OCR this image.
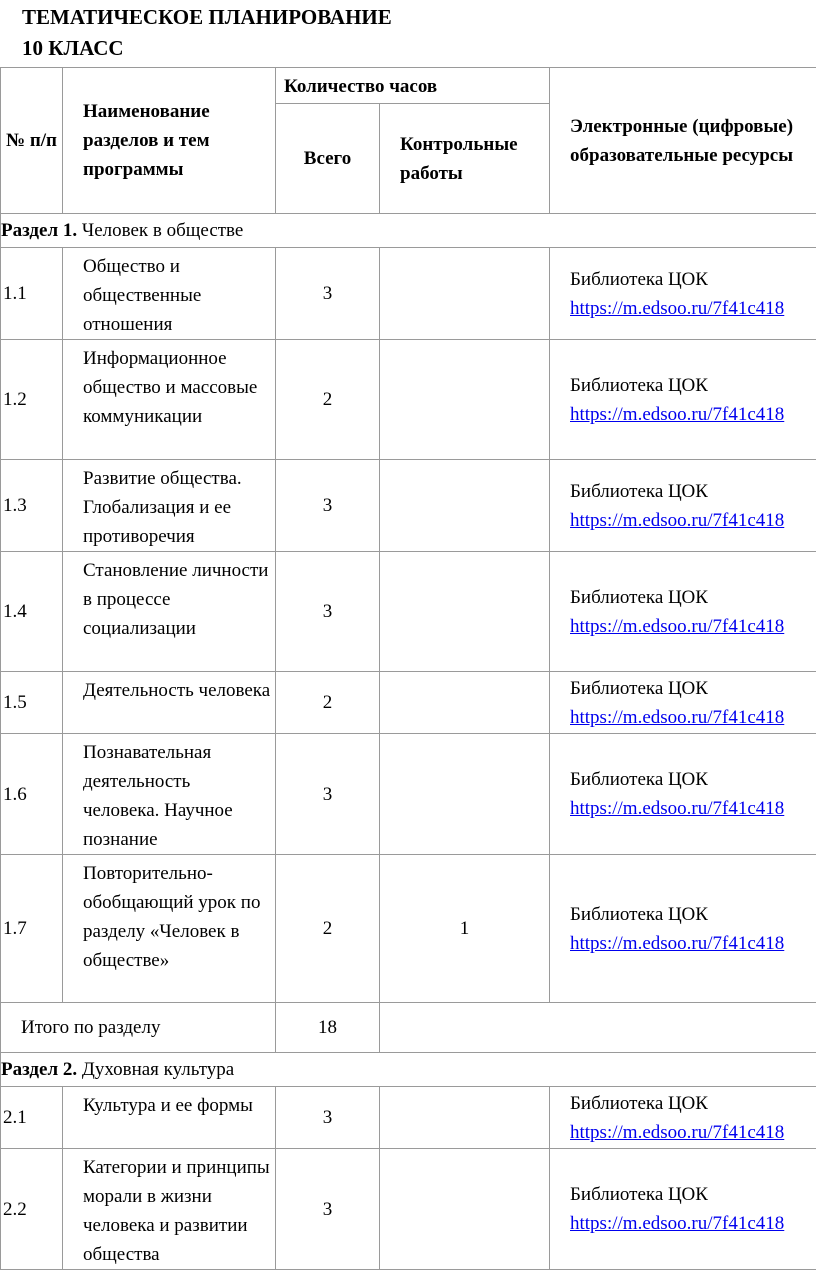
ТЕМАТИЧЕСКОЕ ПЛАНИРОВАНИЕ
10 КЛАСС
№ п/п	Наименование разделов и тем программы	Количество часов		Электронные (цифровые) образовательные ресурсы
		Всего	Контрольные работы	
Раздел 1. Человек в обществе				
1.1	Общество и общественные отношения	3		Библиотека ЦОК
https://m.edsoo.ru/7f41c418

1.2	Информационное общество и массовые коммуникации	2		Библиотека ЦОК
https://m.edsoo.ru/7f41c418

1.3	Развитие общества. Глобализация и ее противоречия	3		Библиотека ЦОК
https://m.edsoo.ru/7f41c418

1.4	Становление личности в процессе социализации	3		Библиотека ЦОК
https://m.edsoo.ru/7f41c418

1.5	Деятельность человека	2		Библиотека ЦОК
https://m.edsoo.ru/7f41c418

1.6	Познавательная деятельность человека. Научное познание	3		Библиотека ЦОК
https://m.edsoo.ru/7f41c418

1.7	Повторительно-обобщающий урок по разделу «Человек в обществе»	2	1	Библиотека ЦОК
https://m.edsoo.ru/7f41c418

Итого по разделу		18		
Раздел 2. Духовная культура				
2.1	Культура и ее формы	3		Библиотека ЦОК
https://m.edsoo.ru/7f41c418

2.2	Категории и принципы морали в жизни человека и развитии общества	3		Библиотека ЦОК
https://m.edsoo.ru/7f41c418
